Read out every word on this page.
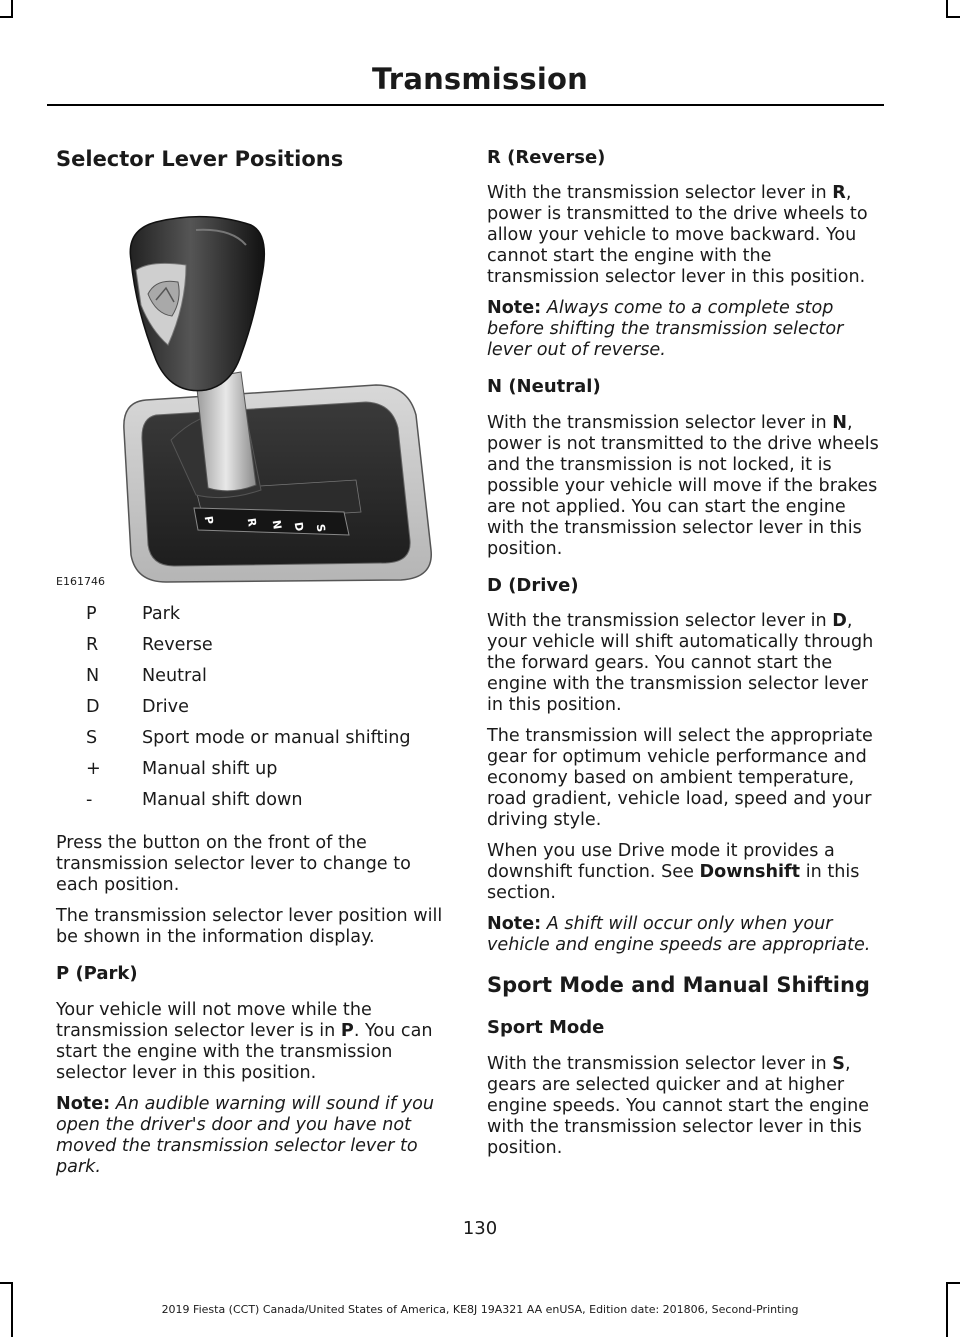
Transmission
Selector Lever Positions
P	R N D S
E161746
P	Park
R	Reverse
N	Neutral
D	Drive
S	Sport mode or manual shifting
+	Manual shift up
-	Manual shift down

Press the button on the front of the transmission selector lever to change to each position.

The transmission selector lever position will be shown in the information display.

P (Park)

Your vehicle will not move while the transmission selector lever is in P. You can start the engine with the transmission selector lever in this position.

Note: An audible warning will sound if you open the driver's door and you have not moved the transmission selector lever to park.

R (Reverse)

With the transmission selector lever in R, power is transmitted to the drive wheels to allow your vehicle to move backward. You cannot start the engine with the transmission selector lever in this position.

Note: Always come to a complete stop before shifting the transmission selector lever out of reverse.

N (Neutral)

With the transmission selector lever in N, power is not transmitted to the drive wheels and the transmission is not locked, it is possible your vehicle will move if the brakes are not applied. You can start the engine with the transmission selector lever in this position.

D (Drive)

With the transmission selector lever in D, your vehicle will shift automatically through the forward gears. You cannot start the engine with the transmission selector lever in this position.

The transmission will select the appropriate gear for optimum vehicle performance and economy based on ambient temperature, road gradient, vehicle load, speed and your driving style.

When you use Drive mode it provides a downshift function. See Downshift in this section.

Note: A shift will occur only when your vehicle and engine speeds are appropriate.

Sport Mode and Manual Shifting
Sport Mode

With the transmission selector lever in S, gears are selected quicker and at higher engine speeds. You cannot start the engine with the transmission selector lever in this position.

130
2019 Fiesta (CCT) Canada/United States of America, KE8J 19A321 AA enUSA, Edition date: 201806, Second-Printing
